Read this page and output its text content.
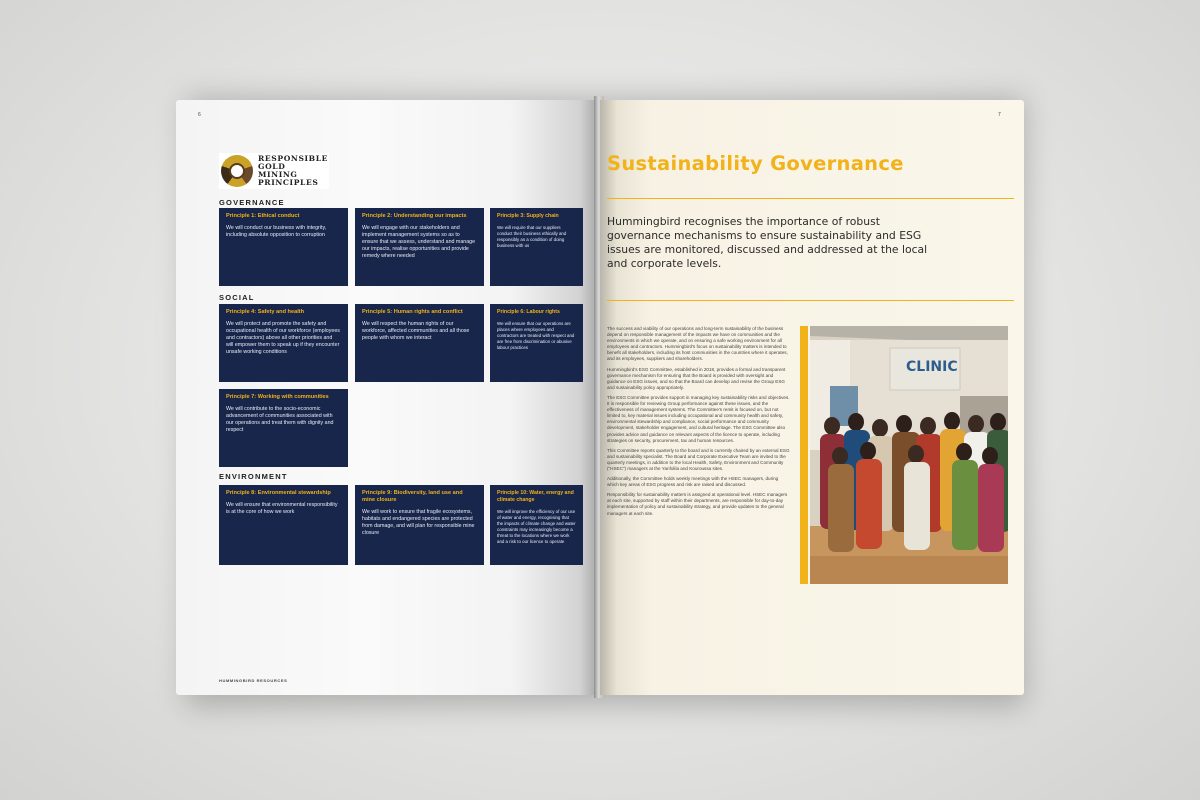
6
RESPONSIBLE
GOLD
MINING
PRINCIPLES
GOVERNANCE
Principle 1: Ethical conduct
We will conduct our business with integrity, including absolute opposition to corruption
Principle 2: Understanding our impacts
We will engage with our stakeholders and implement management systems so as to ensure that we assess, understand and manage our impacts, realise opportunities and provide remedy where needed
Principle 3: Supply chain
We will require that our suppliers conduct their business ethically and responsibly as a condition of doing business with us
SOCIAL
Principle 4: Safety and health
We will protect and promote the safety and occupational health of our workforce (employees and contractors) above all other priorities and will empower them to speak up if they encounter unsafe working conditions
Principle 5: Human rights and conflict
We will respect the human rights of our workforce, affected communities and all those people with whom we interact
Principle 6: Labour rights
We will ensure that our operations are places where employees and contractors are treated with respect and are free from discrimination or abusive labour practices
Principle 7: Working with communities
We will contribute to the socio-economic advancement of communities associated with our operations and treat them with dignity and respect
ENVIRONMENT
Principle 8: Environmental stewardship
We will ensure that environmental responsibility is at the core of how we work
Principle 9: Biodiversity, land use and mine closure
We will work to ensure that fragile ecosystems, habitats and endangered species are protected from damage, and will plan for responsible mine closure
Principle 10: Water, energy and climate change
We will improve the efficiency of our use of water and energy, recognising that the impacts of climate change and water constraints may increasingly become a threat to the locations where we work and a risk to our licence to operate
HUMMINGBIRD RESOURCES
7
Sustainability Governance
Hummingbird recognises the importance of robust governance mechanisms to ensure sustainability and ESG issues are monitored, discussed and addressed at the local and corporate levels.

The success and viability of our operations and long-term sustainability of the business depend on responsible management of the impacts we have on communities and the environments in which we operate, and on ensuring a safe working environment for all employees and contractors. Hummingbird's focus on sustainability matters is intended to benefit all stakeholders, including its host communities in the countries where it operates, and its employees, suppliers and shareholders.

Hummingbird's ESG Committee, established in 2018, provides a formal and transparent governance mechanism for ensuring that the Board is provided with oversight and guidance on ESG issues, and so that the Board can develop and revise the Group ESG and sustainability policy appropriately.

The ESG Committee provides support in managing key sustainability risks and objectives. It is responsible for reviewing Group performance against these issues, and the effectiveness of management systems. The Committee's remit is focused on, but not limited to, key material issues including occupational and community health and safety, environmental stewardship and compliance, social performance and community development, stakeholder engagement, and cultural heritage. The ESG Committee also provides advice and guidance on relevant aspects of the licence to operate, including strategies on security, procurement, tax and human resources.

This Committee reports quarterly to the board and is currently chaired by an external ESG and sustainability specialist. The Board and Corporate Executive Team are invited to the quarterly meetings, in addition to the local Health, Safety, Environment and Community ("HSEC") managers at the Yanfolila and Kouroussa sites.

Additionally, the Committee holds weekly meetings with the HSEC managers, during which key areas of ESG progress and risk are raised and discussed.

Responsibility for sustainability matters is assigned at operational level. HSEC managers at each site, supported by staff within their departments, are responsible for day-to-day implementation of policy and sustainability strategy, and provide updates to the general managers at each site.

CLINIC
